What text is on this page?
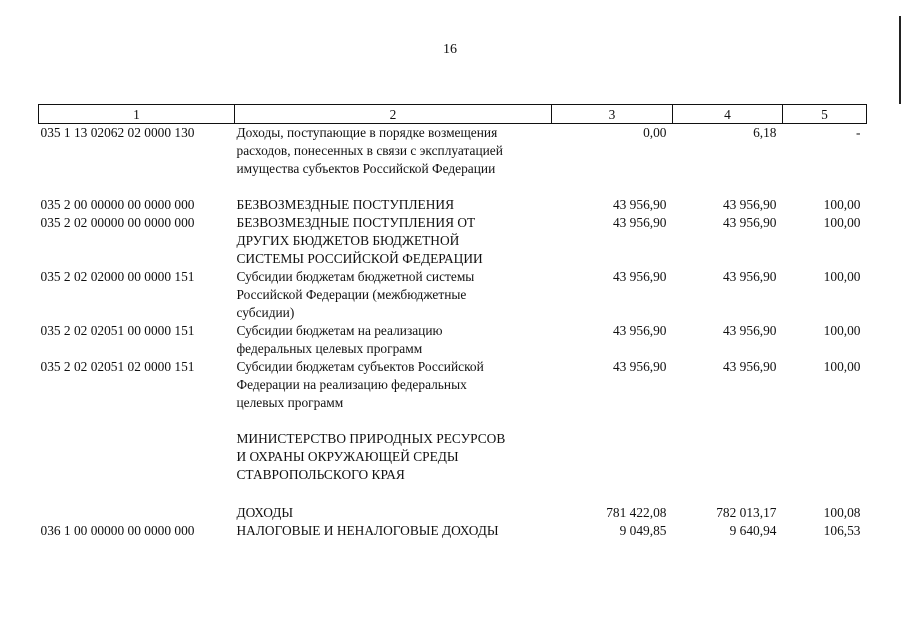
16
1	2	3	4	5
035 1 13 02062 02 0000 130	Доходы, поступающие в порядке возмещения
расходов, понесенных в связи с эксплуатацией
имущества субъектов Российской Федерации	0,00	6,18	-

035 2 00 00000 00 0000 000	БЕЗВОЗМЕЗДНЫЕ ПОСТУПЛЕНИЯ	43 956,90	43 956,90	100,00
035 2 02 00000 00 0000 000	БЕЗВОЗМЕЗДНЫЕ ПОСТУПЛЕНИЯ ОТ
ДРУГИХ БЮДЖЕТОВ БЮДЖЕТНОЙ
СИСТЕМЫ РОССИЙСКОЙ ФЕДЕРАЦИИ	43 956,90	43 956,90	100,00
035 2 02 02000 00 0000 151	Субсидии бюджетам бюджетной системы
Российской Федерации (межбюджетные
субсидии)	43 956,90	43 956,90	100,00
035 2 02 02051 00 0000 151	Субсидии бюджетам на реализацию
федеральных целевых программ	43 956,90	43 956,90	100,00
035 2 02 02051 02 0000 151	Субсидии бюджетам субъектов Российской
Федерации на реализацию федеральных
целевых программ	43 956,90	43 956,90	100,00

	МИНИСТЕРСТВО ПРИРОДНЫХ РЕСУРСОВ
И ОХРАНЫ ОКРУЖАЮЩЕЙ СРЕДЫ
СТАВРОПОЛЬСКОГО КРАЯ			

	ДОХОДЫ	781 422,08	782 013,17	100,08
036 1 00 00000 00 0000 000	НАЛОГОВЫЕ И НЕНАЛОГОВЫЕ ДОХОДЫ	9 049,85	9 640,94	106,53
